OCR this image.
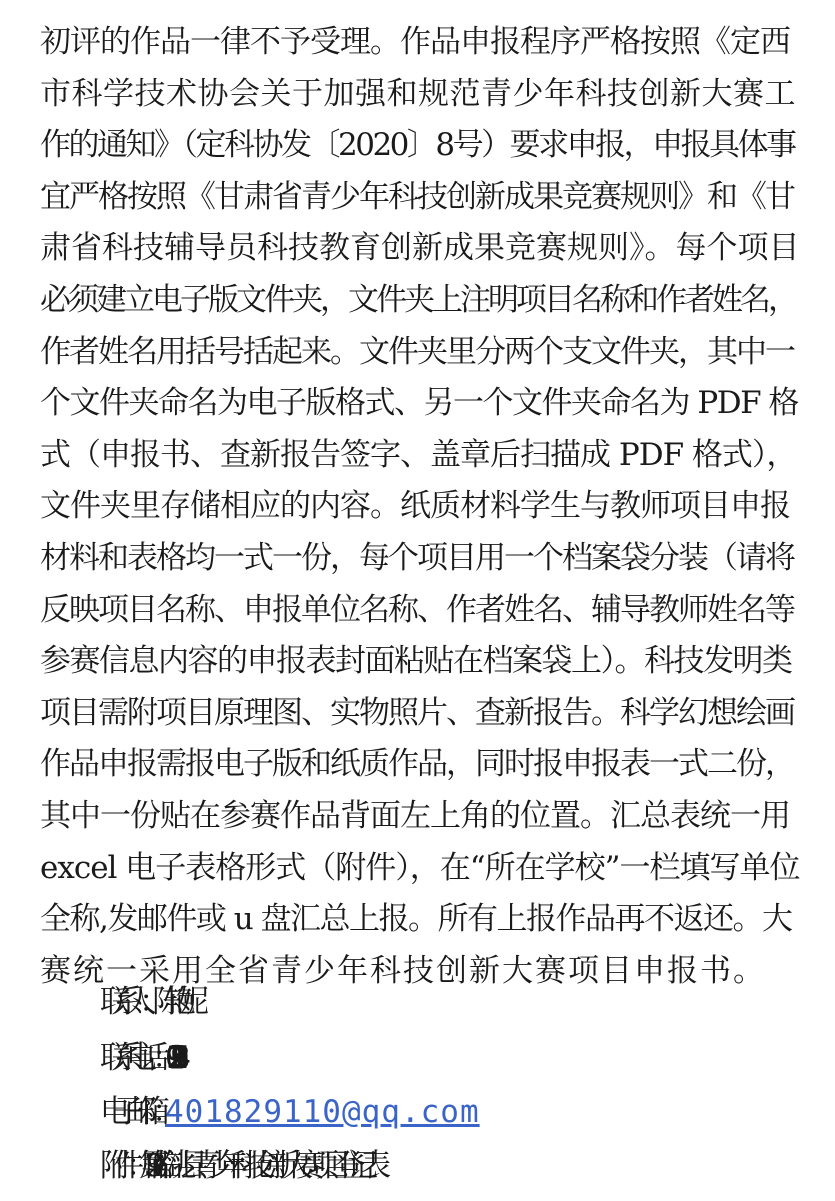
初评的作品一律不予受理。作品申报程序严格按照《定西
市科学技术协会关于加强和规范青少年科技创新大赛工
作的通知》（定科协发〔2020〕8号）要求申报，申报具体事
宜严格按照《甘肃省青少年科技创新成果竞赛规则》和《甘
肃省科技辅导员科技教育创新成果竞赛规则》。每个项目
必须建立电子版文件夹，文件夹上注明项目名称和作者姓名，
作者姓名用括号括起来。文件夹里分两个支文件夹，其中一
个文件夹命名为电子版格式、另一个文件夹命名为 PDF 格
式（申报书、查新报告签字、盖章后扫描成 PDF 格式），
文件夹里存储相应的内容。纸质材料学生与教师项目申报
材料和表格均一式一份，每个项目用一个档案袋分装（请将
反映项目名称、申报单位名称、作者姓名、辅导教师姓名等
参赛信息内容的申报表封面粘贴在档案袋上）。科技发明类
项目需附项目原理图、实物照片、查新报告。科学幻想绘画
作品申报需报电子版和纸质作品，同时报申报表一式二份，
其中一份贴在参赛作品背面左上角的位置。汇总表统一用
excel 电子表格形式（附件），在“所在学校”一栏填写单位
全称,发邮件或 u 盘汇总上报。所有上报作品再不返还。大
赛统一采用全省青少年科技创新大赛项目申报书。
联系人：陈艳妮
联系电话：0932-2239984
电子邮箱：401829110@qq.com
附件：第 39 届临洮县青少年科技创新大赛项目登记表
